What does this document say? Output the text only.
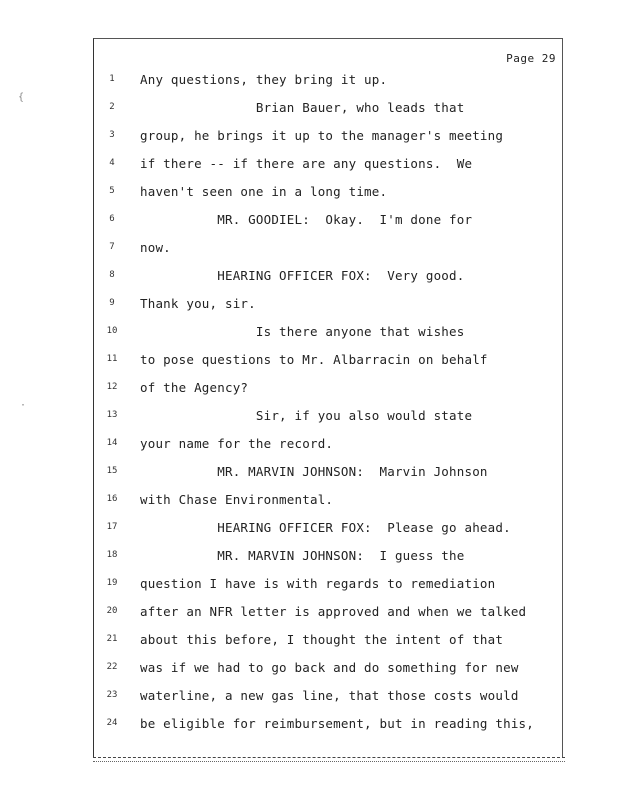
{
·
Page 29
1	Any questions, they bring it up.
2	Brian Bauer, who leads that
3	group, he brings it up to the manager's meeting
4	if there -- if there are any questions.  We
5	haven't seen one in a long time.
6	MR. GOODIEL:  Okay.  I'm done for
7	now.
8	HEARING OFFICER FOX:  Very good.
9	Thank you, sir.
10	Is there anyone that wishes
11	to pose questions to Mr. Albarracin on behalf
12	of the Agency?
13	Sir, if you also would state
14	your name for the record.
15	MR. MARVIN JOHNSON:  Marvin Johnson
16	with Chase Environmental.
17	HEARING OFFICER FOX:  Please go ahead.
18	MR. MARVIN JOHNSON:  I guess the
19	question I have is with regards to remediation
20	after an NFR letter is approved and when we talked
21	about this before, I thought the intent of that
22	was if we had to go back and do something for new
23	waterline, a new gas line, that those costs would
24	be eligible for reimbursement, but in reading this,
